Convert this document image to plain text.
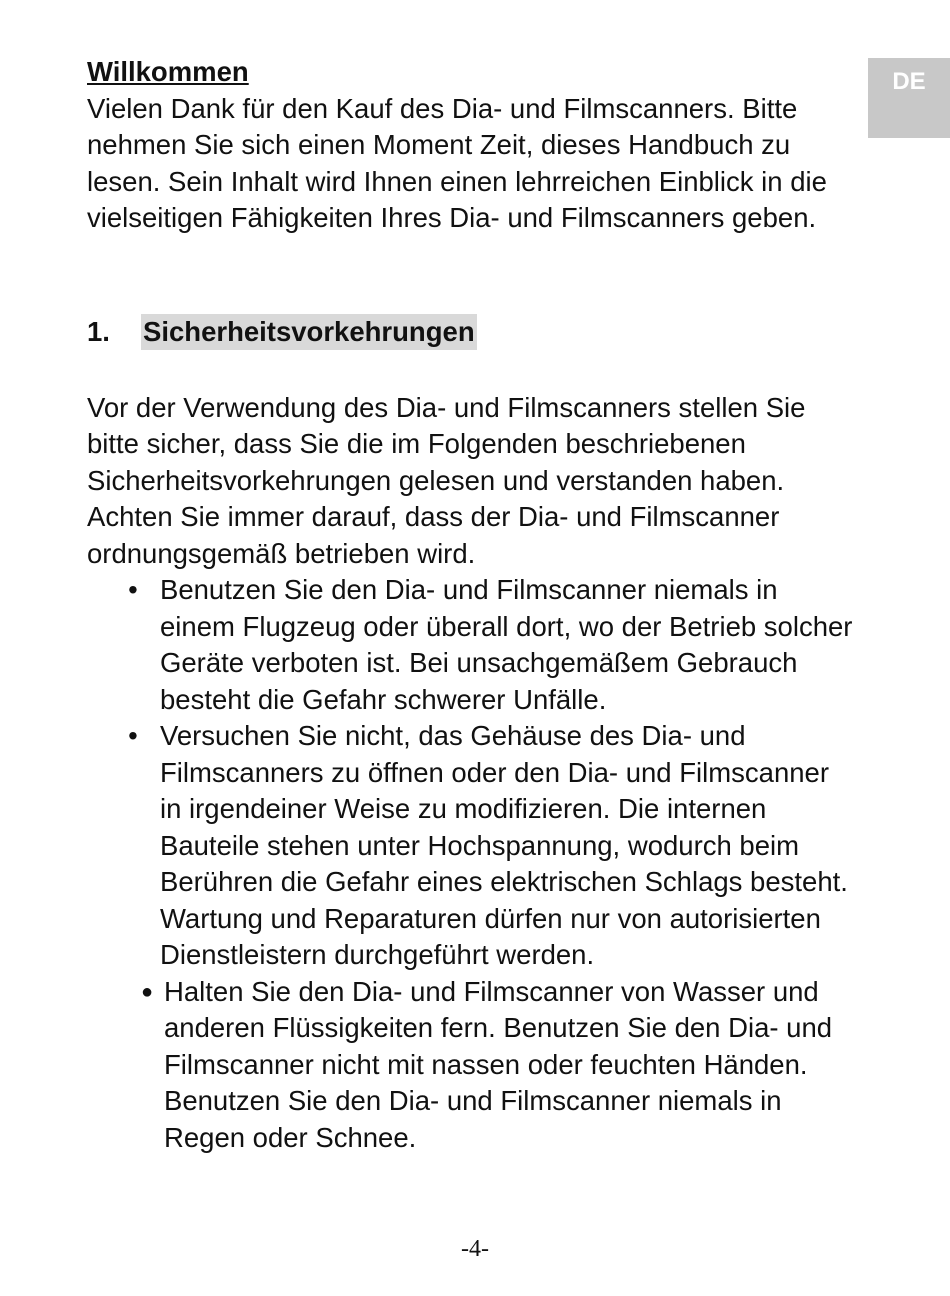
DE

Willkommen
Vielen Dank für den Kauf des Dia- und Filmscanners. Bitte nehmen Sie sich einen Moment Zeit, dieses Handbuch zu lesen. Sein Inhalt wird Ihnen einen lehrreichen Einblick in die vielseitigen Fähigkeiten Ihres Dia- und Filmscanners geben.

1.	Sicherheitsvorkehrungen

Vor der Verwendung des Dia- und Filmscanners stellen Sie bitte sicher, dass Sie die im Folgenden beschriebenen Sicherheitsvorkehrungen gelesen und verstanden haben. Achten Sie immer darauf, dass der Dia- und Filmscanner ordnungsgemäß betrieben wird.

• Benutzen Sie den Dia- und Filmscanner niemals in einem Flugzeug oder überall dort, wo der Betrieb solcher Geräte verboten ist. Bei unsachgemäßem Gebrauch besteht die Gefahr schwerer Unfälle.
• Versuchen Sie nicht, das Gehäuse des Dia- und Filmscanners zu öffnen oder den Dia- und Filmscanner in irgendeiner Weise zu modifizieren. Die internen Bauteile stehen unter Hochspannung, wodurch beim Berühren die Gefahr eines elektrischen Schlags besteht. Wartung und Reparaturen dürfen nur von autorisierten Dienstleistern durchgeführt werden.
● Halten Sie den Dia- und Filmscanner von Wasser und anderen Flüssigkeiten fern. Benutzen Sie den Dia- und Filmscanner nicht mit nassen oder feuchten Händen. Benutzen Sie den Dia- und Filmscanner niemals in Regen oder Schnee.
-4-
